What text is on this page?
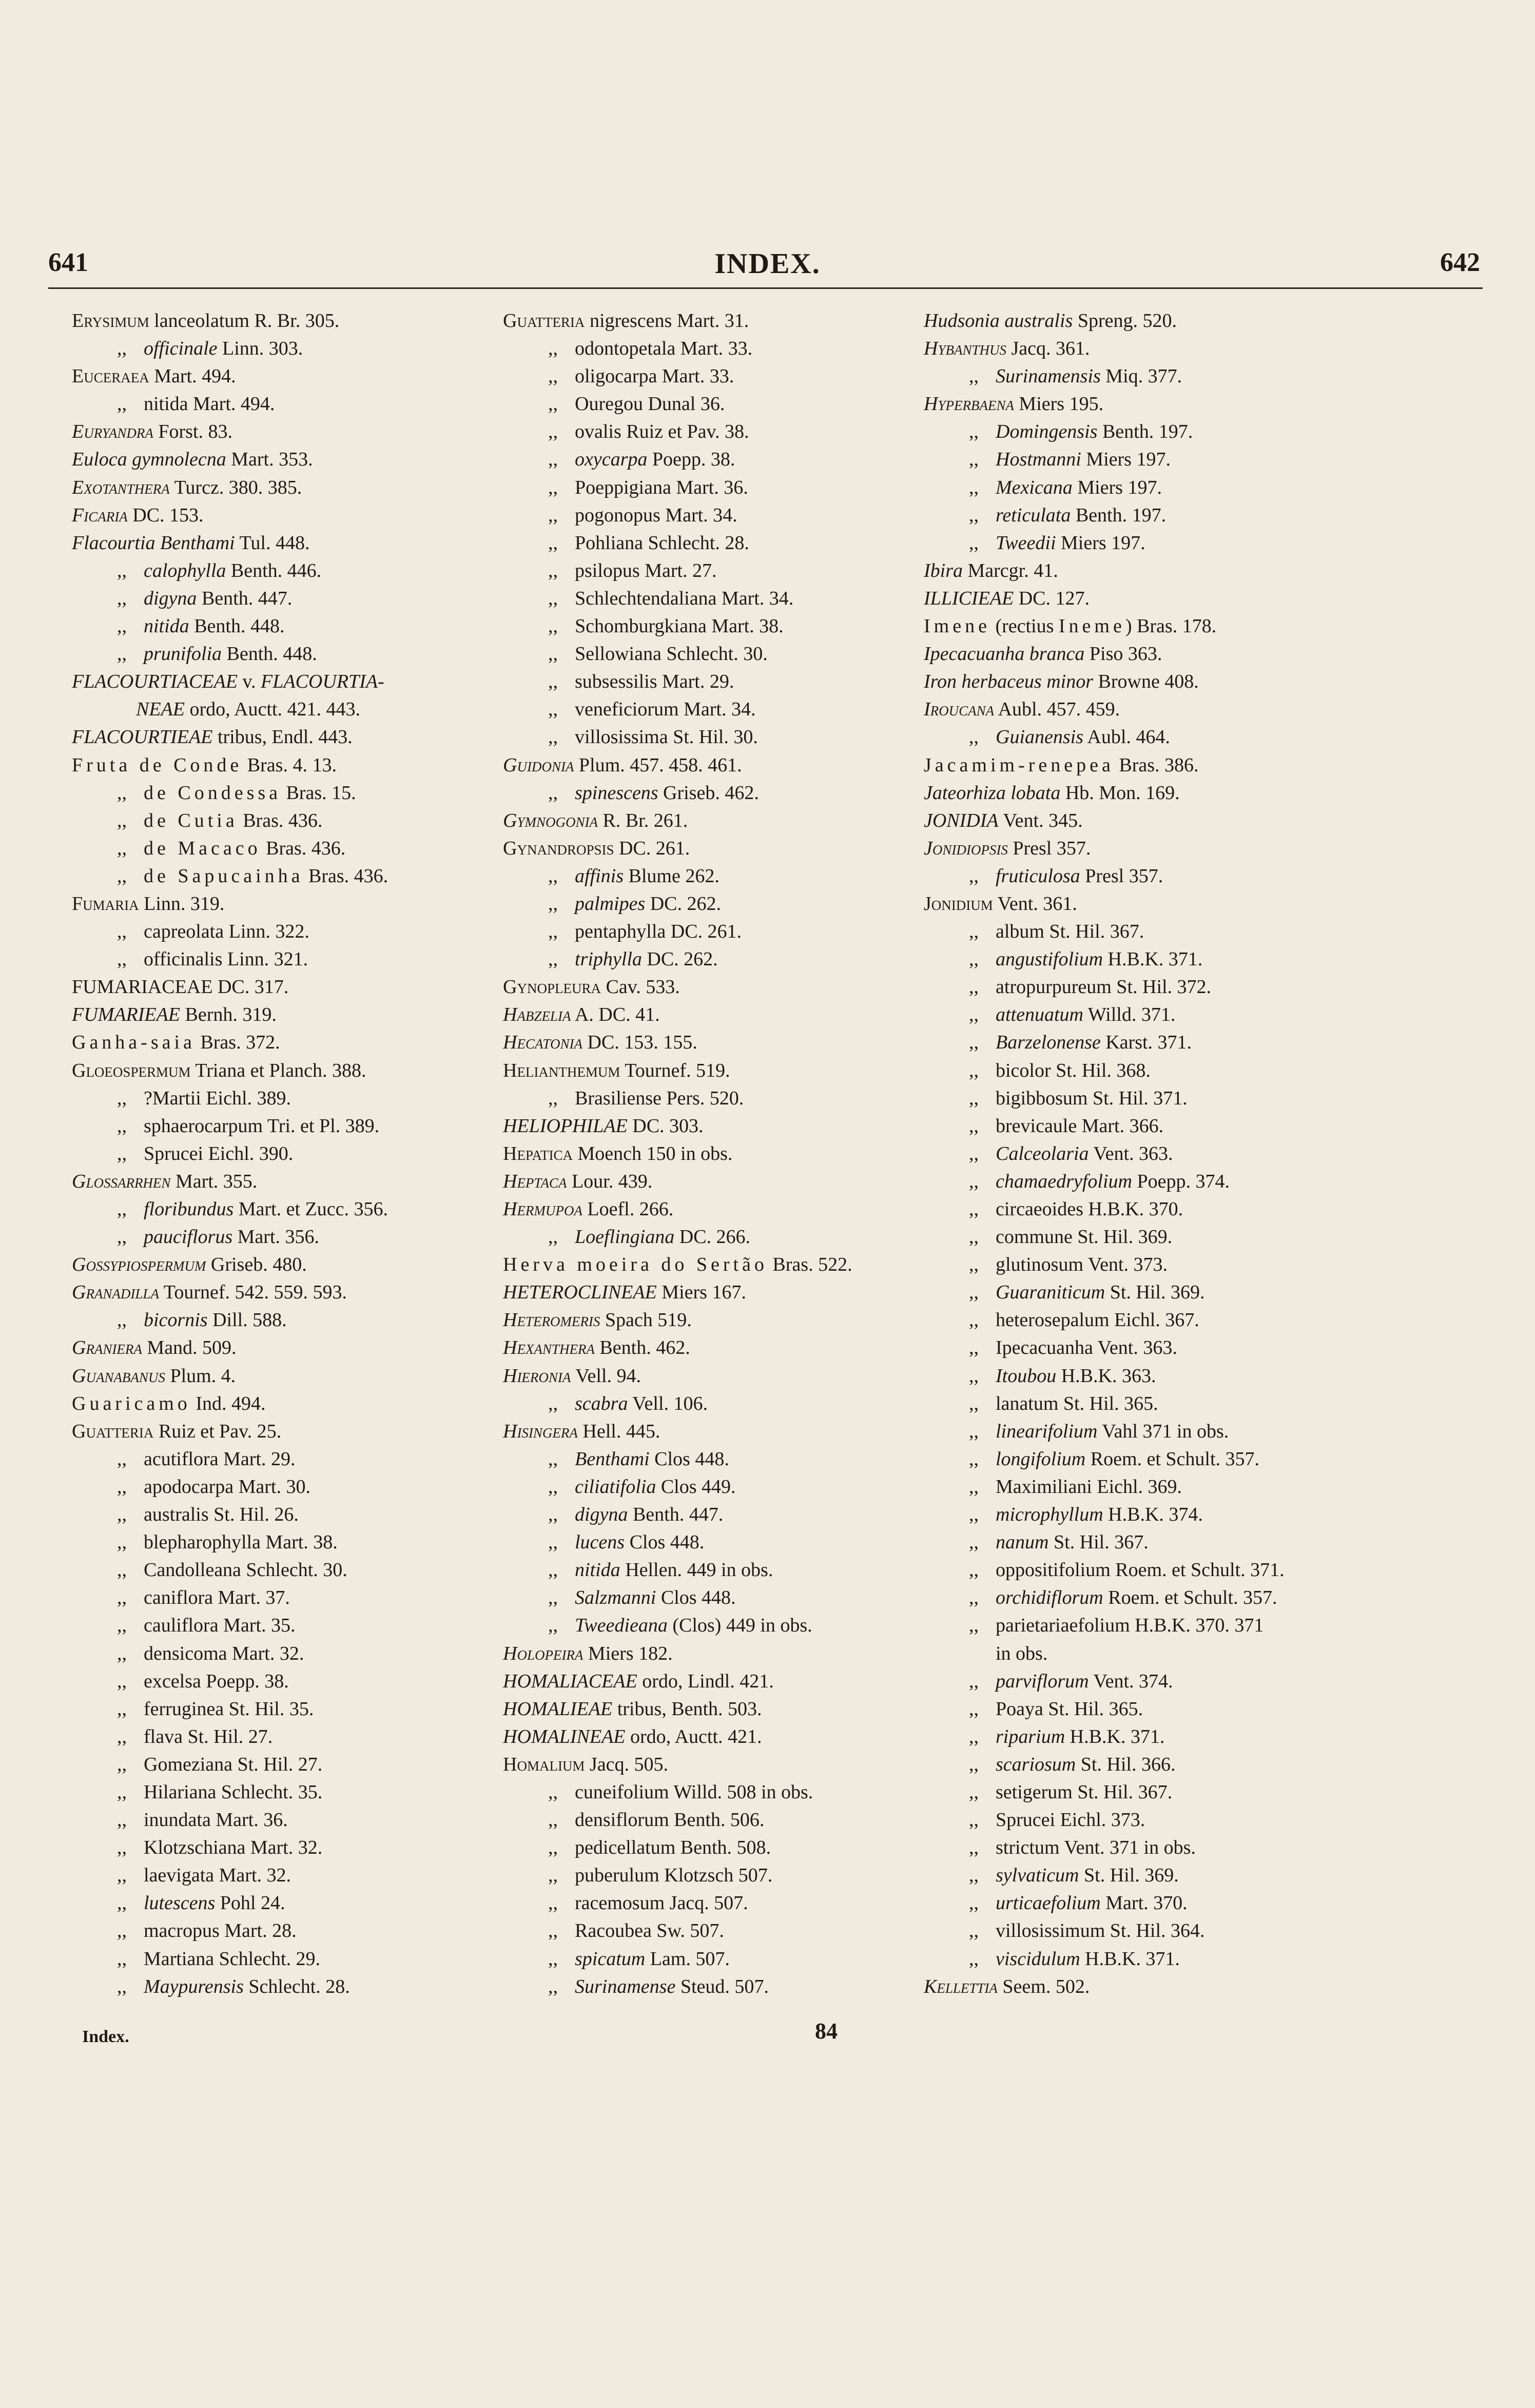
641	INDEX.	642
Erysimum lanceolatum R. Br. 305.
,, officinale Linn. 303.
Euceraea Mart. 494.
,, nitida Mart. 494.
Euryandra Forst. 83.
Euloca gymnolecna Mart. 353.
Exotanthera Turcz. 380. 385.
Ficaria DC. 153.
Flacourtia Benthami Tul. 448.
,, calophylla Benth. 446.
,, digyna Benth. 447.
,, nitida Benth. 448.
,, prunifolia Benth. 448.
FLACOURTIACEAE v. FLACOURTIA-
NEAE ordo, Auctt. 421. 443.
FLACOURTIEAE tribus, Endl. 443.
Fruta de Conde Bras. 4. 13.
,, de Condessa Bras. 15.
,, de Cutia Bras. 436.
,, de Macaco Bras. 436.
,, de Sapucainha Bras. 436.
Fumaria Linn. 319.
,, capreolata Linn. 322.
,, officinalis Linn. 321.
FUMARIACEAE DC. 317.
FUMARIEAE Bernh. 319.
Ganha-saia Bras. 372.
Gloeospermum Triana et Planch. 388.
,, ?Martii Eichl. 389.
,, sphaerocarpum Tri. et Pl. 389.
,, Sprucei Eichl. 390.
Glossarrhen Mart. 355.
,, floribundus Mart. et Zucc. 356.
,, pauciflorus Mart. 356.
Gossypiospermum Griseb. 480.
Granadilla Tournef. 542. 559. 593.
,, bicornis Dill. 588.
Graniera Mand. 509.
Guanabanus Plum. 4.
Guaricamo Ind. 494.
Guatteria Ruiz et Pav. 25.
,, acutiflora Mart. 29.
,, apodocarpa Mart. 30.
,, australis St. Hil. 26.
,, blepharophylla Mart. 38.
,, Candolleana Schlecht. 30.
,, caniflora Mart. 37.
,, cauliflora Mart. 35.
,, densicoma Mart. 32.
,, excelsa Poepp. 38.
,, ferruginea St. Hil. 35.
,, flava St. Hil. 27.
,, Gomeziana St. Hil. 27.
,, Hilariana Schlecht. 35.
,, inundata Mart. 36.
,, Klotzschiana Mart. 32.
,, laevigata Mart. 32.
,, lutescens Pohl 24.
,, macropus Mart. 28.
,, Martiana Schlecht. 29.
,, Maypurensis Schlecht. 28.
Guatteria nigrescens Mart. 31.
,, odontopetala Mart. 33.
,, oligocarpa Mart. 33.
,, Ouregou Dunal 36.
,, ovalis Ruiz et Pav. 38.
,, oxycarpa Poepp. 38.
,, Poeppigiana Mart. 36.
,, pogonopus Mart. 34.
,, Pohliana Schlecht. 28.
,, psilopus Mart. 27.
,, Schlechtendaliana Mart. 34.
,, Schomburgkiana Mart. 38.
,, Sellowiana Schlecht. 30.
,, subsessilis Mart. 29.
,, veneficiorum Mart. 34.
,, villosissima St. Hil. 30.
Guidonia Plum. 457. 458. 461.
,, spinescens Griseb. 462.
Gymnogonia R. Br. 261.
Gynandropsis DC. 261.
,, affinis Blume 262.
,, palmipes DC. 262.
,, pentaphylla DC. 261.
,, triphylla DC. 262.
Gynopleura Cav. 533.
Habzelia A. DC. 41.
Hecatonia DC. 153. 155.
Helianthemum Tournef. 519.
,, Brasiliense Pers. 520.
HELIOPHILAE DC. 303.
Hepatica Moench 150 in obs.
Heptaca Lour. 439.
Hermupoa Loefl. 266.
,, Loeflingiana DC. 266.
Herva moeira do Sertão Bras. 522.
HETEROCLINEAE Miers 167.
Heteromeris Spach 519.
Hexanthera Benth. 462.
Hieronia Vell. 94.
,, scabra Vell. 106.
Hisingera Hell. 445.
,, Benthami Clos 448.
,, ciliatifolia Clos 449.
,, digyna Benth. 447.
,, lucens Clos 448.
,, nitida Hellen. 449 in obs.
,, Salzmanni Clos 448.
,, Tweedieana (Clos) 449 in obs.
Holopeira Miers 182.
HOMALIACEAE ordo, Lindl. 421.
HOMALIEAE tribus, Benth. 503.
HOMALINEAE ordo, Auctt. 421.
Homalium Jacq. 505.
,, cuneifolium Willd. 508 in obs.
,, densiflorum Benth. 506.
,, pedicellatum Benth. 508.
,, puberulum Klotzsch 507.
,, racemosum Jacq. 507.
,, Racoubea Sw. 507.
,, spicatum Lam. 507.
,, Surinamense Steud. 507.
Hudsonia australis Spreng. 520.
Hybanthus Jacq. 361.
,, Surinamensis Miq. 377.
Hyperbaena Miers 195.
,, Domingensis Benth. 197.
,, Hostmanni Miers 197.
,, Mexicana Miers 197.
,, reticulata Benth. 197.
,, Tweedii Miers 197.
Ibira Marcgr. 41.
ILLICIEAE DC. 127.
Imene (rectius Ineme) Bras. 178.
Ipecacuanha branca Piso 363.
Iron herbaceus minor Browne 408.
Iroucana Aubl. 457. 459.
,, Guianensis Aubl. 464.
Jacamim-renepea Bras. 386.
Jateorhiza lobata Hb. Mon. 169.
JONIDIA Vent. 345.
Jonidiopsis Presl 357.
,, fruticulosa Presl 357.
Jonidium Vent. 361.
,, album St. Hil. 367.
,, angustifolium H.B.K. 371.
,, atropurpureum St. Hil. 372.
,, attenuatum Willd. 371.
,, Barzelonense Karst. 371.
,, bicolor St. Hil. 368.
,, bigibbosum St. Hil. 371.
,, brevicaule Mart. 366.
,, Calceolaria Vent. 363.
,, chamaedryfolium Poepp. 374.
,, circaeoides H.B.K. 370.
,, commune St. Hil. 369.
,, glutinosum Vent. 373.
,, Guaraniticum St. Hil. 369.
,, heterosepalum Eichl. 367.
,, Ipecacuanha Vent. 363.
,, Itoubou H.B.K. 363.
,, lanatum St. Hil. 365.
,, linearifolium Vahl 371 in obs.
,, longifolium Roem. et Schult. 357.
,, Maximiliani Eichl. 369.
,, microphyllum H.B.K. 374.
,, nanum St. Hil. 367.
,, oppositifolium Roem. et Schult. 371.
,, orchidiflorum Roem. et Schult. 357.
,, parietariaefolium H.B.K. 370. 371
in obs.
,, parviflorum Vent. 374.
,, Poaya St. Hil. 365.
,, riparium H.B.K. 371.
,, scariosum St. Hil. 366.
,, setigerum St. Hil. 367.
,, Sprucei Eichl. 373.
,, strictum Vent. 371 in obs.
,, sylvaticum St. Hil. 369.
,, urticaefolium Mart. 370.
,, villosissimum St. Hil. 364.
,, viscidulum H.B.K. 371.
Kellettia Seem. 502.
Index.	84
